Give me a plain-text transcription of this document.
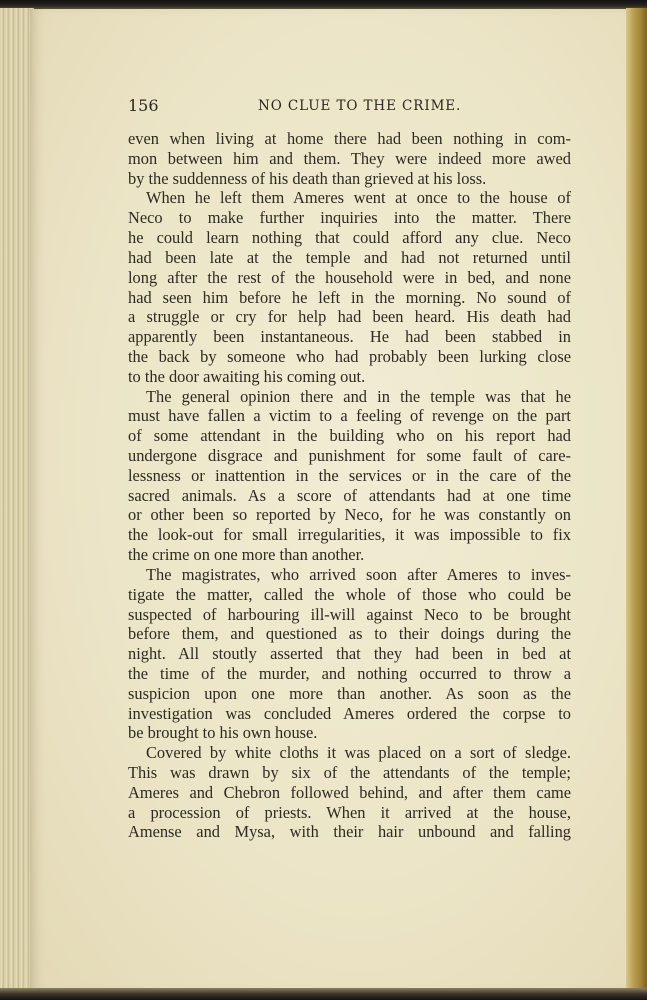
156	NO CLUE TO THE CRIME.
even when living at home there had been nothing in com-
mon between him and them. They were indeed more awed
by the suddenness of his death than grieved at his loss.
When he left them Ameres went at once to the house of
Neco to make further inquiries into the matter. There
he could learn nothing that could afford any clue. Neco
had been late at the temple and had not returned until
long after the rest of the household were in bed, and none
had seen him before he left in the morning. No sound of
a struggle or cry for help had been heard. His death had
apparently been instantaneous. He had been stabbed in
the back by someone who had probably been lurking close
to the door awaiting his coming out.
The general opinion there and in the temple was that he
must have fallen a victim to a feeling of revenge on the part
of some attendant in the building who on his report had
undergone disgrace and punishment for some fault of care-
lessness or inattention in the services or in the care of the
sacred animals. As a score of attendants had at one time
or other been so reported by Neco, for he was constantly on
the look-out for small irregularities, it was impossible to fix
the crime on one more than another.
The magistrates, who arrived soon after Ameres to inves-
tigate the matter, called the whole of those who could be
suspected of harbouring ill-will against Neco to be brought
before them, and questioned as to their doings during the
night. All stoutly asserted that they had been in bed at
the time of the murder, and nothing occurred to throw a
suspicion upon one more than another. As soon as the
investigation was concluded Ameres ordered the corpse to
be brought to his own house.
Covered by white cloths it was placed on a sort of sledge.
This was drawn by six of the attendants of the temple;
Ameres and Chebron followed behind, and after them came
a procession of priests. When it arrived at the house,
Amense and Mysa, with their hair unbound and falling
